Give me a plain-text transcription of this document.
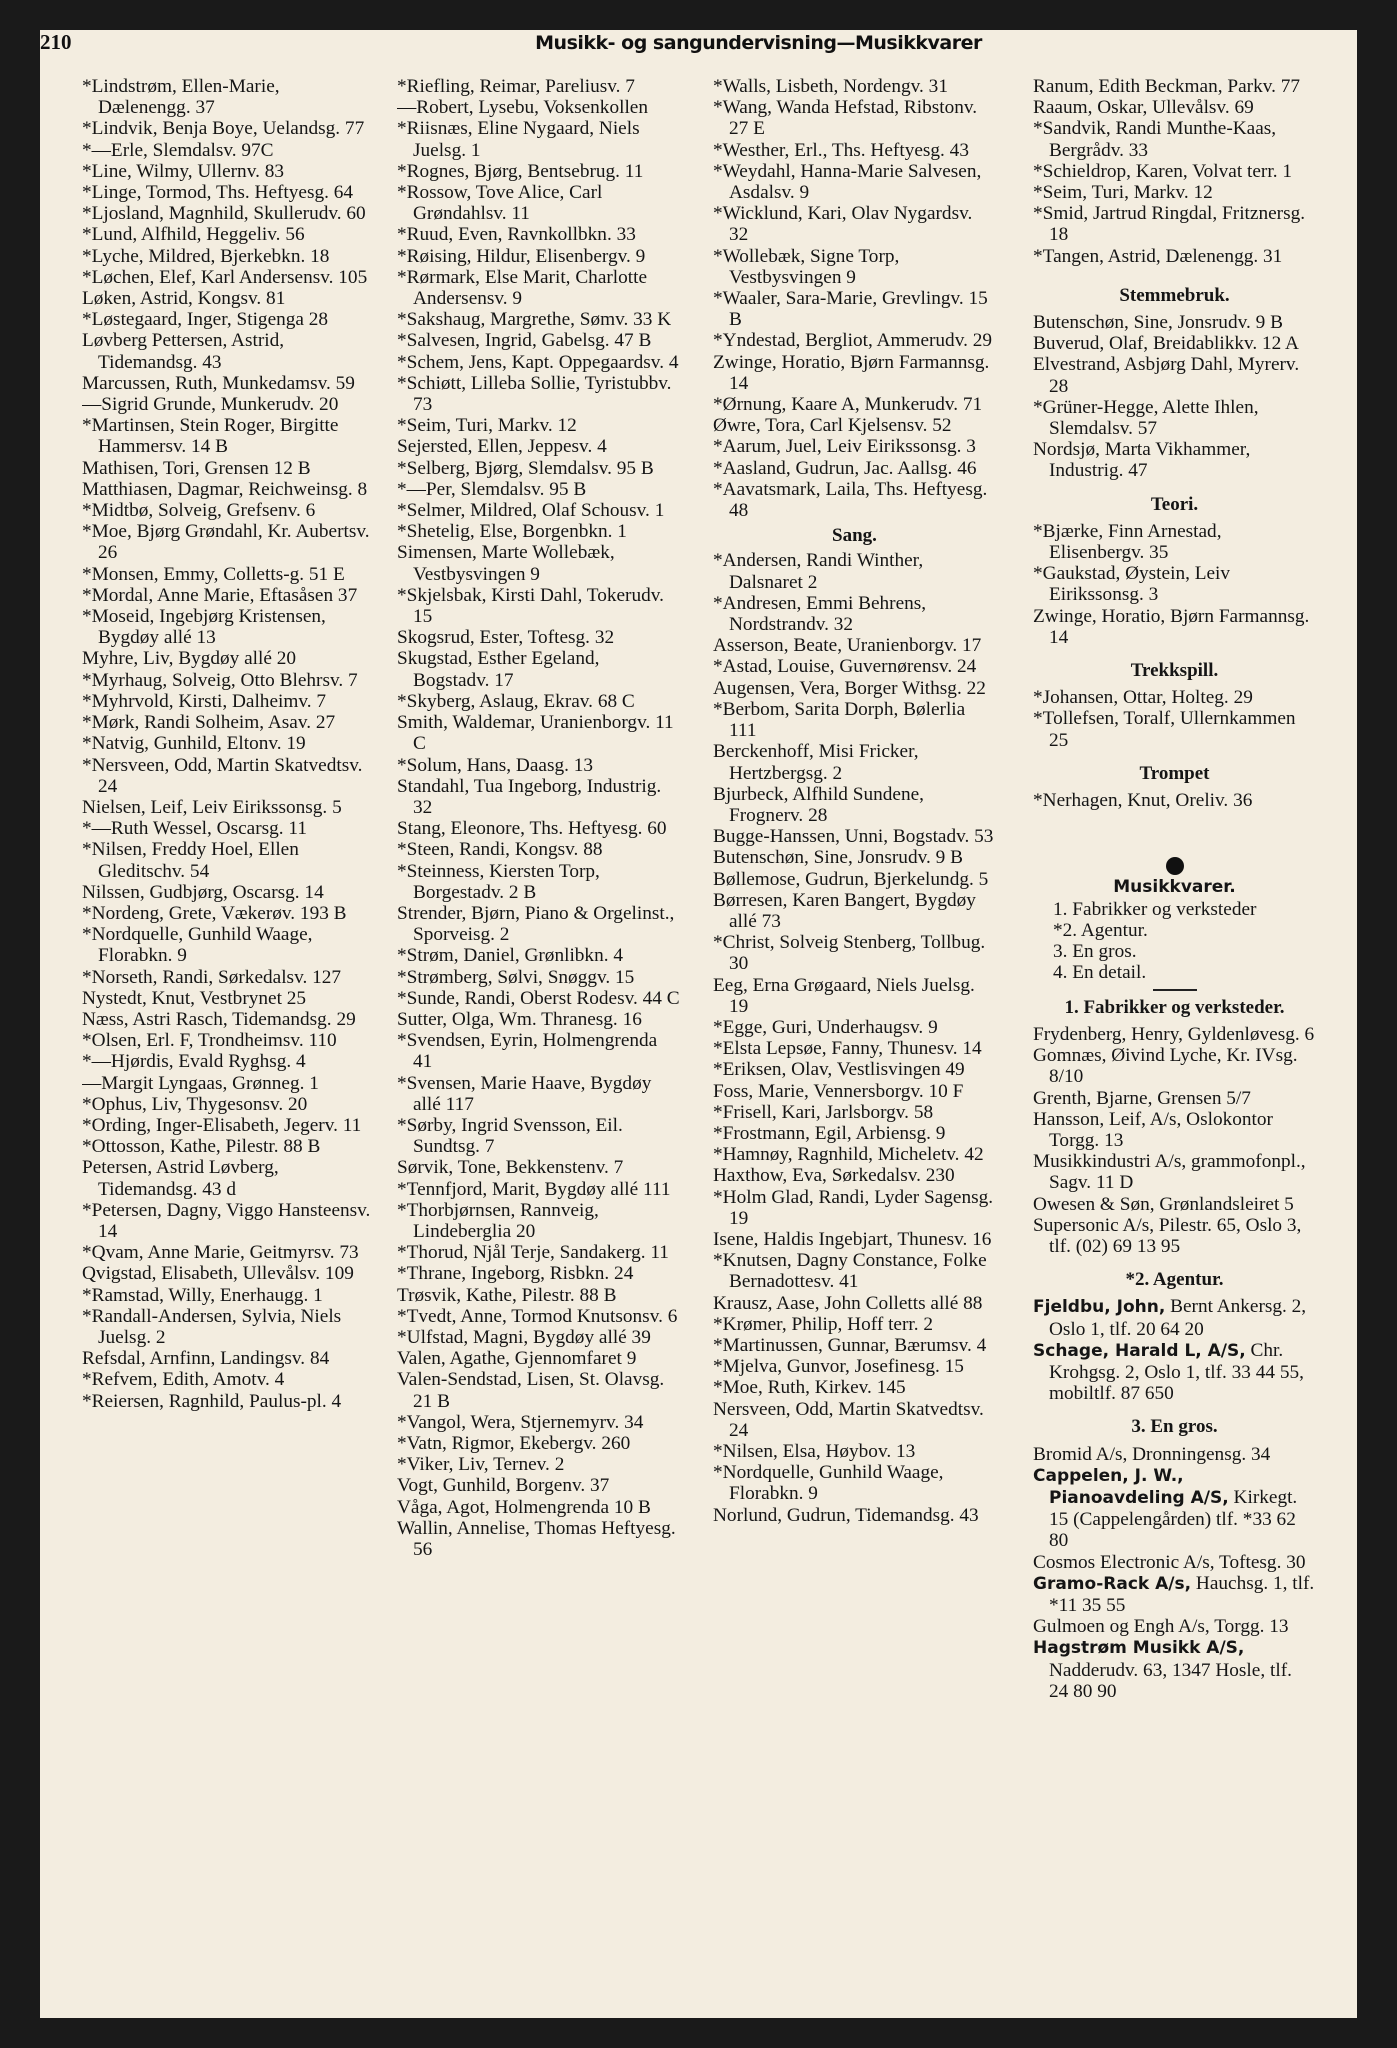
210	Musikk- og sangundervisning—Musikkvarer

*Lindstrøm, Ellen-Marie, Dælenengg. 37

*Lindvik, Benja Boye, Uelandsg. 77

*—Erle, Slemdalsv. 97C

*Line, Wilmy, Ullernv. 83

*Linge, Tormod, Ths. Heftyesg. 64

*Ljosland, Magnhild, Skullerudv. 60

*Lund, Alfhild, Heggeliv. 56

*Lyche, Mildred, Bjerkebkn. 18

*Løchen, Elef, Karl Andersensv. 105

Løken, Astrid, Kongsv. 81

*Løstegaard, Inger, Stigenga 28

Løvberg Pettersen, Astrid, Tidemandsg. 43

Marcussen, Ruth, Munkedamsv. 59

—Sigrid Grunde, Munkerudv. 20

*Martinsen, Stein Roger, Birgitte Hammersv. 14 B

Mathisen, Tori, Grensen 12 B

Matthiasen, Dagmar, Reichweinsg. 8

*Midtbø, Solveig, Grefsenv. 6

*Moe, Bjørg Grøndahl, Kr. Aubertsv. 26

*Monsen, Emmy, Colletts-g. 51 E

*Mordal, Anne Marie, Eftasåsen 37

*Moseid, Ingebjørg Kristensen, Bygdøy allé 13

Myhre, Liv, Bygdøy allé 20

*Myrhaug, Solveig, Otto Blehrsv. 7

*Myhrvold, Kirsti, Dalheimv. 7

*Mørk, Randi Solheim, Asav. 27

*Natvig, Gunhild, Eltonv. 19

*Nersveen, Odd, Martin Skatvedtsv. 24

Nielsen, Leif, Leiv Eirikssonsg. 5

*—Ruth Wessel, Oscarsg. 11

*Nilsen, Freddy Hoel, Ellen Gleditschv. 54

Nilssen, Gudbjørg, Oscarsg. 14

*Nordeng, Grete, Vækerøv. 193 B

*Nordquelle, Gunhild Waage, Florabkn. 9

*Norseth, Randi, Sørkedalsv. 127

Nystedt, Knut, Vestbrynet 25

Næss, Astri Rasch, Tidemandsg. 29

*Olsen, Erl. F, Trondheimsv. 110

*—Hjørdis, Evald Ryghsg. 4

—Margit Lyngaas, Grønneg. 1

*Ophus, Liv, Thygesonsv. 20

*Ording, Inger-Elisabeth, Jegerv. 11

*Ottosson, Kathe, Pilestr. 88 B

Petersen, Astrid Løvberg, Tidemandsg. 43 d

*Petersen, Dagny, Viggo Hansteensv. 14

*Qvam, Anne Marie, Geitmyrsv. 73

Qvigstad, Elisabeth, Ullevålsv. 109

*Ramstad, Willy, Enerhaugg. 1

*Randall-Andersen, Sylvia, Niels Juelsg. 2

Refsdal, Arnfinn, Landingsv. 84

*Refvem, Edith, Amotv. 4

*Reiersen, Ragnhild, Paulus-pl. 4

*Riefling, Reimar, Pareliusv. 7

—Robert, Lysebu, Voksenkollen

*Riisnæs, Eline Nygaard, Niels Juelsg. 1

*Rognes, Bjørg, Bentsebrug. 11

*Rossow, Tove Alice, Carl Grøndahlsv. 11

*Ruud, Even, Ravnkollbkn. 33

*Røising, Hildur, Elisenbergv. 9

*Rørmark, Else Marit, Charlotte Andersensv. 9

*Sakshaug, Margrethe, Sømv. 33 K

*Salvesen, Ingrid, Gabelsg. 47 B

*Schem, Jens, Kapt. Oppegaardsv. 4

*Schiøtt, Lilleba Sollie, Tyristubbv. 73

*Seim, Turi, Markv. 12

Sejersted, Ellen, Jeppesv. 4

*Selberg, Bjørg, Slemdalsv. 95 B

*—Per, Slemdalsv. 95 B

*Selmer, Mildred, Olaf Schousv. 1

*Shetelig, Else, Borgenbkn. 1

Simensen, Marte Wollebæk, Vestbysvingen 9

*Skjelsbak, Kirsti Dahl, Tokerudv. 15

Skogsrud, Ester, Toftesg. 32

Skugstad, Esther Egeland, Bogstadv. 17

*Skyberg, Aslaug, Ekrav. 68 C

Smith, Waldemar, Uranienborgv. 11 C

*Solum, Hans, Daasg. 13

Standahl, Tua Ingeborg, Industrig. 32

Stang, Eleonore, Ths. Heftyesg. 60

*Steen, Randi, Kongsv. 88

*Steinness, Kiersten Torp, Borgestadv. 2 B

Strender, Bjørn, Piano & Orgelinst., Sporveisg. 2

*Strøm, Daniel, Grønlibkn. 4

*Strømberg, Sølvi, Snøggv. 15

*Sunde, Randi, Oberst Rodesv. 44 C

Sutter, Olga, Wm. Thranesg. 16

*Svendsen, Eyrin, Holmengrenda 41

*Svensen, Marie Haave, Bygdøy allé 117

*Sørby, Ingrid Svensson, Eil. Sundtsg. 7

Sørvik, Tone, Bekkenstenv. 7

*Tennfjord, Marit, Bygdøy allé 111

*Thorbjørnsen, Rannveig, Lindebergliа 20

*Thorud, Njål Terje, Sandakerg. 11

*Thrane, Ingeborg, Risbkn. 24

Trøsvik, Kathe, Pilestr. 88 B

*Tvedt, Anne, Tormod Knutsonsv. 6

*Ulfstad, Magni, Bygdøy allé 39

Valen, Agathe, Gjennomfaret 9

Valen-Sendstad, Lisen, St. Olavsg. 21 B

*Vangol, Wera, Stjernemyrv. 34

*Vatn, Rigmor, Ekebergv. 260

*Viker, Liv, Ternev. 2

Vogt, Gunhild, Borgenv. 37

Våga, Agot, Holmengrenda 10 B

Wallin, Annelise, Thomas Heftyesg. 56

*Walls, Lisbeth, Nordengv. 31

*Wang, Wanda Hefstad, Ribstonv. 27 E

*Westher, Erl., Ths. Heftyesg. 43

*Weydahl, Hanna-Marie Salvesen, Asdalsv. 9

*Wicklund, Kari, Olav Nygardsv. 32

*Wollebæk, Signe Torp, Vestbysvingen 9

*Waaler, Sara-Marie, Grevlingv. 15 B

*Yndestad, Bergliot, Ammerudv. 29

Zwinge, Horatio, Bjørn Farmannsg. 14

*Ørnung, Kaare A, Munkerudv. 71

Øwre, Tora, Carl Kjelsensv. 52

*Aarum, Juel, Leiv Eirikssonsg. 3

*Aasland, Gudrun, Jac. Aallsg. 46

*Aavatsmark, Laila, Ths. Heftyesg. 48

Sang.

*Andersen, Randi Winther, Dalsnaret 2

*Andresen, Emmi Behrens, Nordstrandv. 32

Asserson, Beate, Uranienborgv. 17

*Astad, Louise, Guvernørensv. 24

Augensen, Vera, Borger Withsg. 22

*Berbom, Sarita Dorph, Bølerlia 111

Berckenhoff, Misi Fricker, Hertzbergsg. 2

Bjurbeck, Alfhild Sundene, Frognerv. 28

Bugge-Hanssen, Unni, Bogstadv. 53

Butenschøn, Sine, Jonsrudv. 9 B

Bøllemose, Gudrun, Bjerkelundg. 5

Børresen, Karen Bangert, Bygdøy allé 73

*Christ, Solveig Stenberg, Tollbug. 30

Eeg, Erna Grøgaard, Niels Juelsg. 19

*Egge, Guri, Underhaugsv. 9

*Elsta Lepsøe, Fanny, Thunesv. 14

*Eriksen, Olav, Vestlisvingen 49

Foss, Marie, Vennersborgv. 10 F

*Frisell, Kari, Jarlsborgv. 58

*Frostmann, Egil, Arbiensg. 9

*Hamnøy, Ragnhild, Micheletv. 42

Haxthow, Eva, Sørkedalsv. 230

*Holm Glad, Randi, Lyder Sagensg. 19

Isene, Haldis Ingebjart, Thunesv. 16

*Knutsen, Dagny Constance, Folke Bernadottesv. 41

Krausz, Aase, John Colletts allé 88

*Krømer, Philip, Hoff terr. 2

*Martinussen, Gunnar, Bærumsv. 4

*Mjelva, Gunvor, Josefinesg. 15

*Moe, Ruth, Kirkev. 145

Nersveen, Odd, Martin Skatvedtsv. 24

*Nilsen, Elsa, Høybov. 13

*Nordquelle, Gunhild Waage, Florabkn. 9

Norlund, Gudrun, Tidemandsg. 43

Ranum, Edith Beckman, Parkv. 77

Raaum, Oskar, Ullevålsv. 69

*Sandvik, Randi Munthe-Kaas, Bergrådv. 33

*Schieldrop, Karen, Volvat terr. 1

*Seim, Turi, Markv. 12

*Smid, Jartrud Ringdal, Fritznersg. 18

*Tangen, Astrid, Dælenengg. 31

Stemmebruk.

Butenschøn, Sine, Jonsrudv. 9 B

Buverud, Olaf, Breidablikkv. 12 A

Elvestrand, Asbjørg Dahl, Myrerv. 28

*Grüner-Hegge, Alette Ihlen, Slemdalsv. 57

Nordsjø, Marta Vikhammer, Industrig. 47

Teori.

*Bjærke, Finn Arnestad, Elisenbergv. 35

*Gaukstad, Øystein, Leiv Eirikssonsg. 3

Zwinge, Horatio, Bjørn Farmannsg. 14

Trekkspill.

*Johansen, Ottar, Holteg. 29

*Tollefsen, Toralf, Ullernkammen 25

Trompet

*Nerhagen, Knut, Oreliv. 36

Musikkvarer.

1. Fabrikker og verksteder

*2. Agentur.

3. En gros.

4. En detail.

1. Fabrikker og verksteder.

Frydenberg, Henry, Gyldenløvesg. 6

Gomnæs, Øivind Lyche, Kr. IVsg. 8/10

Grenth, Bjarne, Grensen 5/7

Hansson, Leif, A/s, Oslokontor Torgg. 13

Musikkindustri A/s, grammofonpl., Sagv. 11 D

Owesen & Søn, Grønlandsleiret 5

Supersonic A/s, Pilestr. 65, Oslo 3, tlf. (02) 69 13 95

*2. Agentur.

Fjeldbu, John, Bernt Ankersg. 2, Oslo 1, tlf. 20 64 20

Schage, Harald L, A/S, Chr. Krohgsg. 2, Oslo 1, tlf. 33 44 55, mobiltlf. 87 650

3. En gros.

Bromid A/s, Dronningensg. 34

Cappelen, J. W., Pianoavdeling A/S, Kirkegt. 15 (Cappelengården) tlf. *33 62 80

Cosmos Electronic A/s, Toftesg. 30

Gramo-Rack A/s, Hauchsg. 1, tlf. *11 35 55

Gulmoen og Engh A/s, Torgg. 13

Hagstrøm Musikk A/S, Nadderudv. 63, 1347 Hosle, tlf. 24 80 90
